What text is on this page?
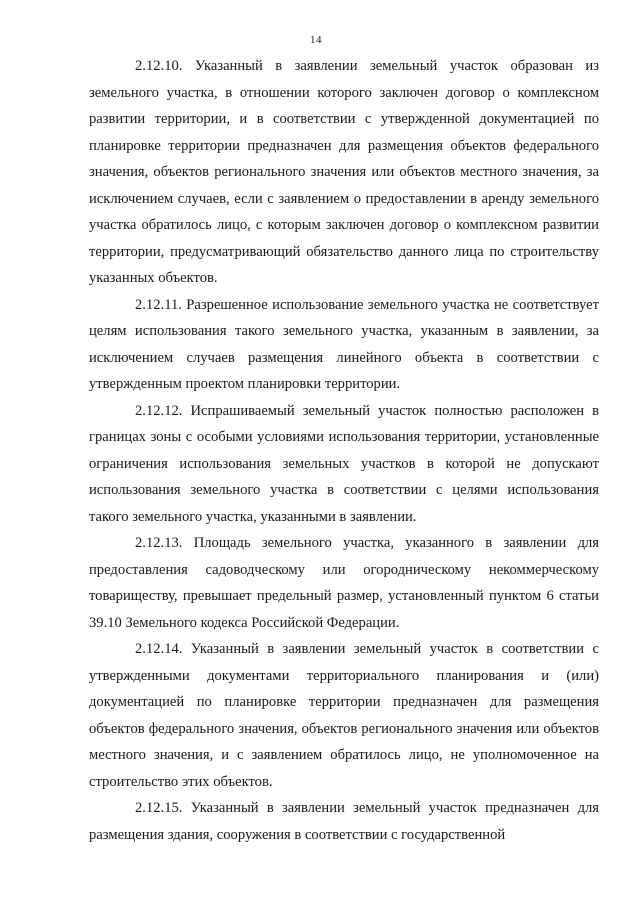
14

2.12.10. Указанный в заявлении земельный участок образован из земельного участка, в отношении которого заключен договор о комплексном развитии территории, и в соответствии с утвержденной документацией по планировке территории предназначен для размещения объектов федерального значения, объектов регионального значения или объектов местного значения, за исключением случаев, если с заявлением о предоставлении в аренду земельного участка обратилось лицо, с которым заключен договор о комплексном развитии территории, предусматривающий обязательство данного лица по строительству указанных объектов.

2.12.11. Разрешенное использование земельного участка не соответствует целям использования такого земельного участка, указанным в заявлении, за исключением случаев размещения линейного объекта в соответствии с утвержденным проектом планировки территории.

2.12.12. Испрашиваемый земельный участок полностью расположен в границах зоны с особыми условиями использования территории, установленные ограничения использования земельных участков в которой не допускают использования земельного участка в соответствии с целями использования такого земельного участка, указанными в заявлении.

2.12.13. Площадь земельного участка, указанного в заявлении для предоставления садоводческому или огородническому некоммерческому товариществу, превышает предельный размер, установленный пунктом 6 статьи 39.10 Земельного кодекса Российской Федерации.

2.12.14. Указанный в заявлении земельный участок в соответствии с утвержденными документами территориального планирования и (или) документацией по планировке территории предназначен для размещения объектов федерального значения, объектов регионального значения или объектов местного значения, и с заявлением обратилось лицо, не уполномоченное на строительство этих объектов.

2.12.15. Указанный в заявлении земельный участок предназначен для размещения здания, сооружения в соответствии с государственной
